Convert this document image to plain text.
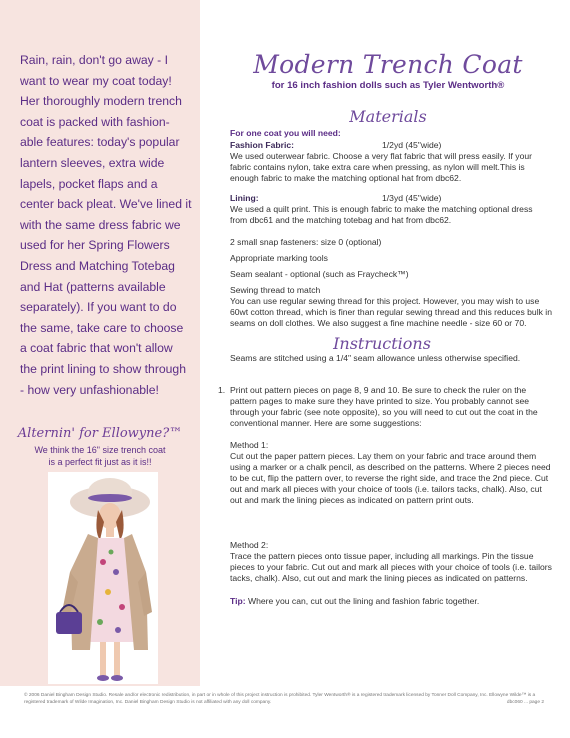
Rain, rain, don't go away - I want to wear my coat today! Her thoroughly modern trench coat is packed with fashion-able features: today's popular lantern sleeves, extra wide lapels, pocket flaps and a center back pleat. We've lined it with the same dress fabric we used for her Spring Flowers Dress and Matching Totebag and Hat (patterns available separately). If you want to do the same, take care to choose a coat fabric that won't allow the print lining to show through - how very unfashionable!
Alternin' for Ellowyne?™
We think the 16" size trench coat
is a perfect fit just as it is!!
Modern Trench Coat
for 16 inch fashion dolls such as Tyler Wentworth®
Materials
For one coat you will need:
Fashion Fabric:	1/2yd (45"wide)
We used outerwear fabric. Choose a very flat fabric that will press easily. If your fabric contains nylon, take extra care when pressing, as nylon will melt.This is enough fabric to make the matching optional hat from dbc62.
Lining:	1/3yd (45"wide)
We used a quilt print. This is enough fabric to make the matching optional dress from dbc61 and the matching totebag and hat from dbc62.
2 small snap fasteners: size 0 (optional)
Appropriate marking tools
Seam sealant - optional (such as Fraycheck™)
Sewing thread to match
You can use regular sewing thread for this project. However, you may wish to use 60wt cotton thread, which is finer than regular sewing thread and this reduces bulk in seams on doll clothes. We also suggest a fine machine needle - size 60 or 70.
Instructions
Seams are stitched using a 1/4" seam allowance unless otherwise specified.
1. Print out pattern pieces on page 8, 9 and 10. Be sure to check the ruler on the pattern pages to make sure they have printed to size. You probably cannot see through your fabric (see note opposite), so you will need to cut out the coat in the conventional manner. Here are some suggestions:
Method 1:
Cut out the paper pattern pieces. Lay them on your fabric and trace around them using a marker or a chalk pencil, as described on the patterns. Where 2 pieces need to be cut, flip the pattern over, to reverse the right side, and trace the 2nd piece. Cut out and mark all pieces with your choice of tools (i.e. tailors tacks, chalk). Also, cut out and mark the lining pieces as indicated on pattern print outs.
Method 2:
Trace the pattern pieces onto tissue paper, including all markings. Pin the tissue pieces to your fabric. Cut out and mark all pieces with your choice of tools (i.e. tailors tacks, chalk). Also, cut out and mark the lining pieces as indicated on patterns.
Tip: Where you can, cut out the lining and fashion fabric together.
© 2006 Daniel Bingham Design Studio. Resale and/or electronic redistribution, in part or in whole of this project instruction is prohibited. Tyler Wentworth® is a registered trademark licensed by Tonner Doll Company, Inc. Ellowyne Wilde™ is a registered trademark of Wilde Imagination, Inc. Daniel Bingham Design Studio is not affiliated with any doll company.	dbc060 ... page 2
